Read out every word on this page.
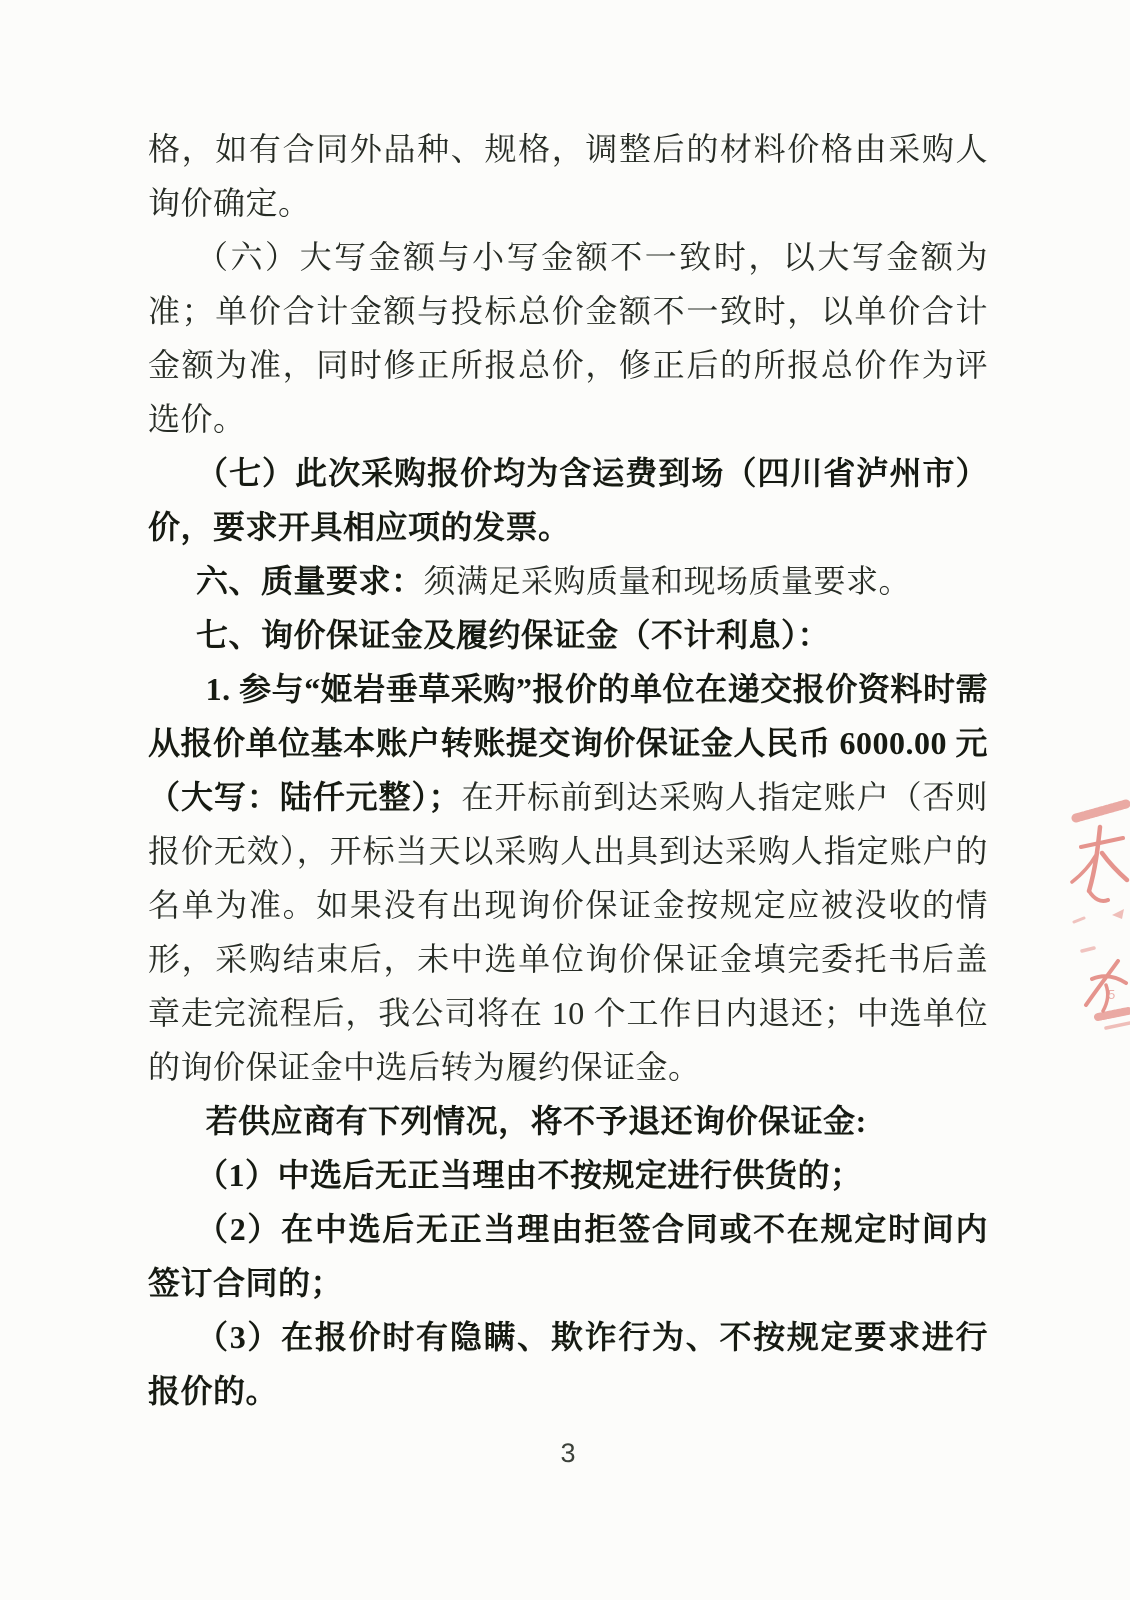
格，如有合同外品种、规格，调整后的材料价格由采购人询价确定。

（六）大写金额与小写金额不一致时，以大写金额为准；单价合计金额与投标总价金额不一致时，以单价合计金额为准，同时修正所报总价，修正后的所报总价作为评选价。

（七）此次采购报价均为含运费到场（四川省泸州市）价，要求开具相应项的发票。

六、质量要求：须满足采购质量和现场质量要求。

七、询价保证金及履约保证金（不计利息）：

1. 参与“姬岩垂草采购”报价的单位在递交报价资料时需从报价单位基本账户转账提交询价保证金人民币 6000.00 元（大写：陆仟元整）；在开标前到达采购人指定账户（否则报价无效），开标当天以采购人出具到达采购人指定账户的名单为准。如果没有出现询价保证金按规定应被没收的情形，采购结束后，未中选单位询价保证金填完委托书后盖章走完流程后，我公司将在 10 个工作日内退还；中选单位的询价保证金中选后转为履约保证金。

若供应商有下列情况，将不予退还询价保证金:

（1）中选后无正当理由不按规定进行供货的；

（2）在中选后无正当理由拒签合同或不在规定时间内签订合同的；

（3）在报价时有隐瞒、欺诈行为、不按规定要求进行报价的。

5
3
